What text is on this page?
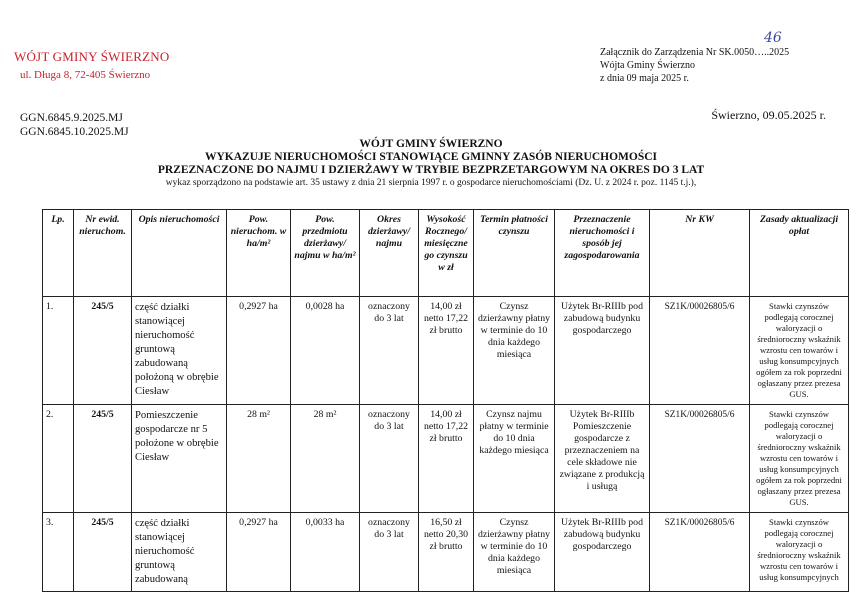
WÓJT GMINY ŚWIERZNO
ul. Długa 8, 72-405 Świerzno
46
Załącznik do Zarządzenia Nr SK.0050…..2025
Wójta Gminy Świerzno
z dnia 09 maja 2025 r.
GGN.6845.9.2025.MJ
GGN.6845.10.2025.MJ
Świerzno, 09.05.2025 r.
WÓJT GMINY ŚWIERZNO
WYKAZUJE NIERUCHOMOŚCI STANOWIĄCE GMINNY ZASÓB NIERUCHOMOŚCI
PRZEZNACZONE DO NAJMU I DZIERŻAWY W TRYBIE BEZPRZETARGOWYM NA OKRES DO 3 LAT
wykaz sporządzono na podstawie art. 35 ustawy z dnia 21 sierpnia 1997 r. o gospodarce nieruchomościami (Dz. U. z 2024 r. poz. 1145 t.j.),
Lp.	Nr ewid. nieruchom.	Opis nieruchomości	Pow. nieruchom. w ha/m²	Pow. przedmiotu dzierżawy/ najmu w ha/m²	Okres dzierżawy/ najmu	Wysokość Rocznego/ miesięczne go czynszu w zł	Termin płatności czynszu	Przeznaczenie nieruchomości i sposób jej zagospodarowania	Nr KW	Zasady aktualizacji opłat
1.	245/5	część działki stanowiącej nieruchomość gruntową zabudowaną położoną w obrębie Ciesław	0,2927 ha	0,0028 ha	oznaczony do 3 lat	14,00 zł netto 17,22 zł brutto	Czynsz dzierżawny płatny w terminie do 10 dnia każdego miesiąca	Użytek Br-RIIIb pod zabudową budynku gospodarczego	SZ1K/00026805/6	Stawki czynszów podlegają corocznej waloryzacji o średnioroczny wskaźnik wzrostu cen towarów i usług konsumpcyjnych ogółem za rok poprzedni ogłaszany przez prezesa GUS.
2.	245/5	Pomieszczenie gospodarcze nr 5 położone w obrębie Ciesław	28 m²	28 m²	oznaczony do 3 lat	14,00 zł netto 17,22 zł brutto	Czynsz najmu płatny w terminie do 10 dnia każdego miesiąca	Użytek Br-RIIIb Pomieszczenie gospodarcze z przeznaczeniem na cele składowe nie związane z produkcją i usługą	SZ1K/00026805/6	Stawki czynszów podlegają corocznej waloryzacji o średnioroczny wskaźnik wzrostu cen towarów i usług konsumpcyjnych ogółem za rok poprzedni ogłaszany przez prezesa GUS.
3.	245/5	część działki stanowiącej nieruchomość gruntową zabudowaną	0,2927 ha	0,0033 ha	oznaczony do 3 lat	16,50 zł netto 20,30 zł brutto	Czynsz dzierżawny płatny w terminie do 10 dnia każdego miesiąca	Użytek Br-RIIIb pod zabudową budynku gospodarczego	SZ1K/00026805/6	Stawki czynszów podlegają corocznej waloryzacji o średnioroczny wskaźnik wzrostu cen towarów i usług konsumpcyjnych
